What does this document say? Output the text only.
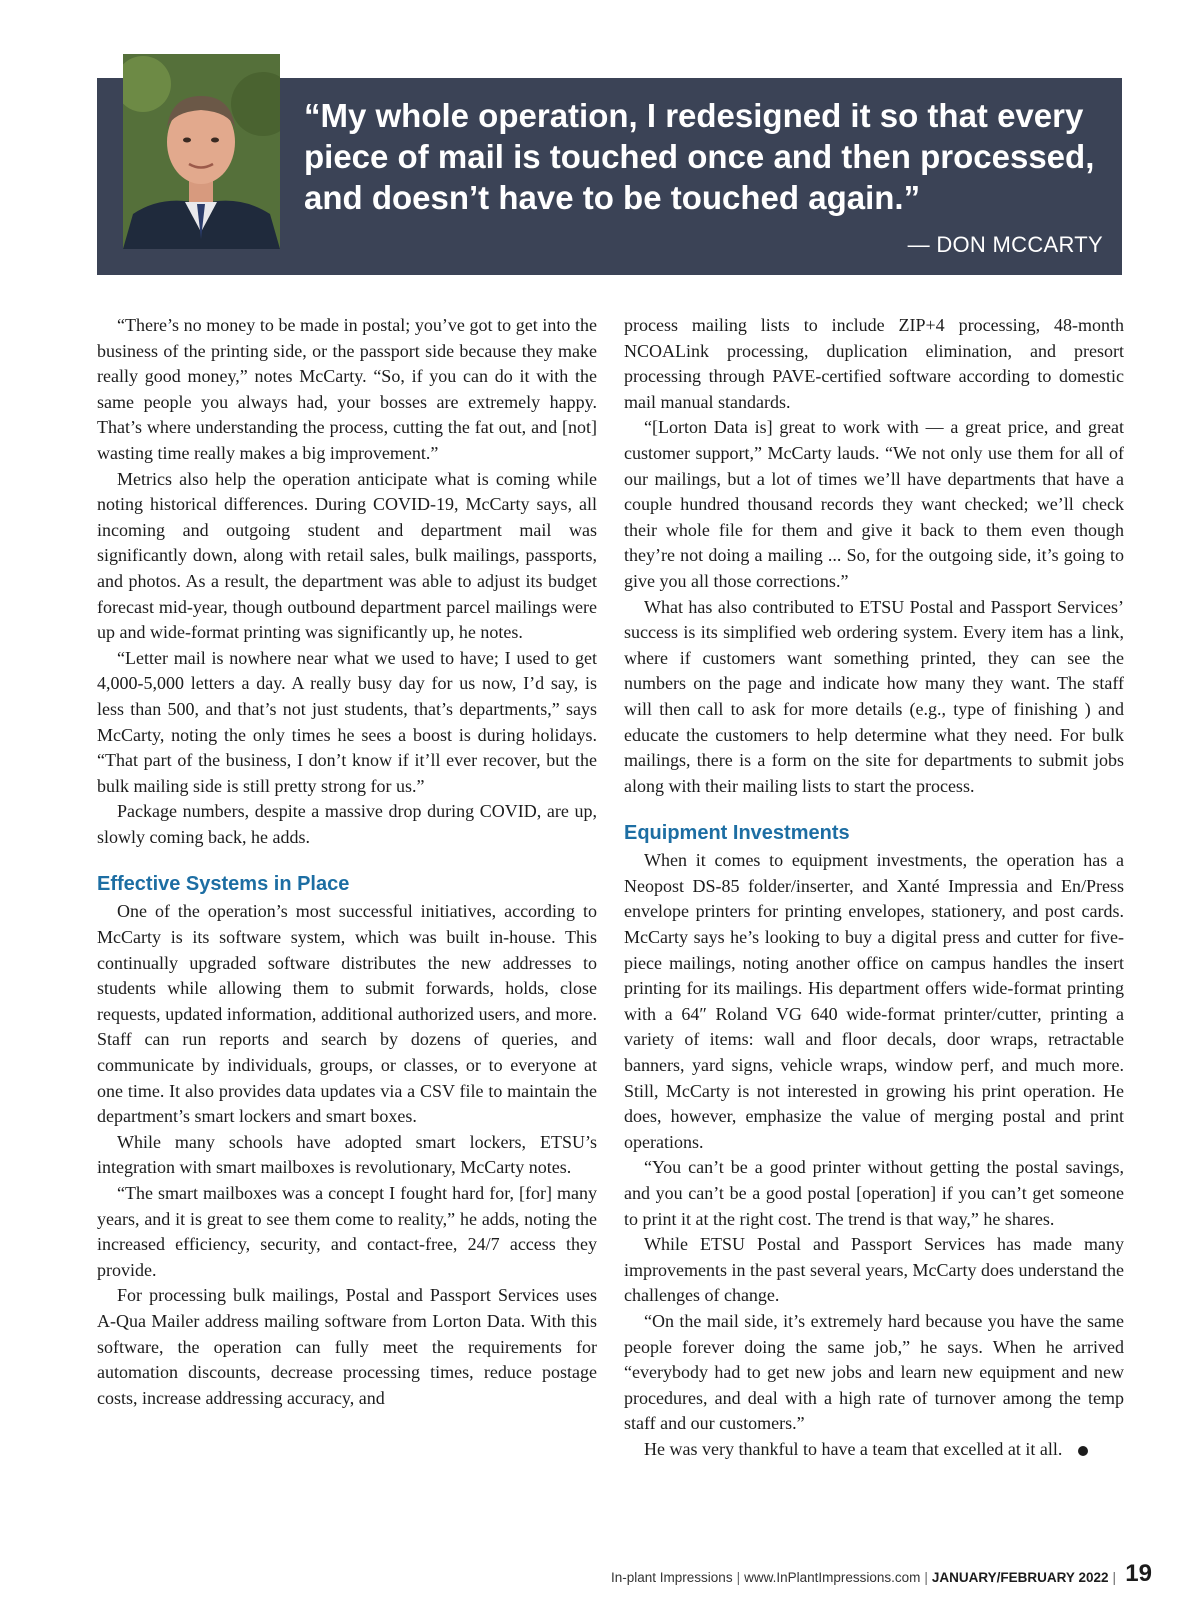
“My whole operation, I redesigned it so that every piece of mail is touched once and then processed, and doesn’t have to be touched again.”

— DON MCCARTY

“There’s no money to be made in postal; you’ve got to get into the business of the printing side, or the passport side because they make really good money,” notes McCarty. “So, if you can do it with the same people you always had, your bosses are extremely happy. That’s where understanding the process, cutting the fat out, and [not] wasting time really makes a big improvement.”

Metrics also help the operation anticipate what is coming while noting historical differences. During COVID-19, McCarty says, all incoming and outgoing student and department mail was significantly down, along with retail sales, bulk mailings, passports, and photos. As a result, the department was able to adjust its budget forecast mid-year, though outbound department parcel mailings were up and wide-format printing was significantly up, he notes.

“Letter mail is nowhere near what we used to have; I used to get 4,000-5,000 letters a day. A really busy day for us now, I’d say, is less than 500, and that’s not just students, that’s departments,” says McCarty, noting the only times he sees a boost is during holidays. “That part of the business, I don’t know if it’ll ever recover, but the bulk mailing side is still pretty strong for us.”

Package numbers, despite a massive drop during COVID, are up, slowly coming back, he adds.

Effective Systems in Place

One of the operation’s most successful initiatives, according to McCarty is its software system, which was built in-house. This continually upgraded software distributes the new addresses to students while allowing them to submit forwards, holds, close requests, updated information, additional authorized users, and more. Staff can run reports and search by dozens of queries, and communicate by individuals, groups, or classes, or to everyone at one time. It also provides data updates via a CSV file to maintain the department’s smart lockers and smart boxes.

While many schools have adopted smart lockers, ETSU’s integration with smart mailboxes is revolutionary, McCarty notes.

“The smart mailboxes was a concept I fought hard for, [for] many years, and it is great to see them come to reality,” he adds, noting the increased efficiency, security, and contact-free, 24/7 access they provide.

For processing bulk mailings, Postal and Passport Services uses A-Qua Mailer address mailing software from Lorton Data. With this software, the operation can fully meet the requirements for automation discounts, decrease processing times, reduce postage costs, increase addressing accuracy, and

process mailing lists to include ZIP+4 processing, 48-month NCOALink processing, duplication elimination, and presort processing through PAVE-certified software according to domestic mail manual standards.

“[Lorton Data is] great to work with — a great price, and great customer support,” McCarty lauds. “We not only use them for all of our mailings, but a lot of times we’ll have departments that have a couple hundred thousand records they want checked; we’ll check their whole file for them and give it back to them even though they’re not doing a mailing ... So, for the outgoing side, it’s going to give you all those corrections.”

What has also contributed to ETSU Postal and Passport Services’ success is its simplified web ordering system. Every item has a link, where if customers want something printed, they can see the numbers on the page and indicate how many they want. The staff will then call to ask for more details (e.g., type of finishing ) and educate the customers to help determine what they need. For bulk mailings, there is a form on the site for departments to submit jobs along with their mailing lists to start the process.

Equipment Investments

When it comes to equipment investments, the operation has a Neopost DS-85 folder/inserter, and Xanté Impressia and En/Press envelope printers for printing envelopes, stationery, and post cards. McCarty says he’s looking to buy a digital press and cutter for five-piece mailings, noting another office on campus handles the insert printing for its mailings. His department offers wide-format printing with a 64″ Roland VG 640 wide-format printer/cutter, printing a variety of items: wall and floor decals, door wraps, retractable banners, yard signs, vehicle wraps, window perf, and much more. Still, McCarty is not interested in growing his print operation. He does, however, emphasize the value of merging postal and print operations.

“You can’t be a good printer without getting the postal savings, and you can’t be a good postal [operation] if you can’t get someone to print it at the right cost. The trend is that way,” he shares.

While ETSU Postal and Passport Services has made many improvements in the past several years, McCarty does understand the challenges of change.

“On the mail side, it’s extremely hard because you have the same people forever doing the same job,” he says. When he arrived “everybody had to get new jobs and learn new equipment and new procedures, and deal with a high rate of turnover among the temp staff and our customers.”

He was very thankful to have a team that excelled at it all.

In-plant Impressions | www.InPlantImpressions.com | JANUARY/FEBRUARY 2022 | 19
